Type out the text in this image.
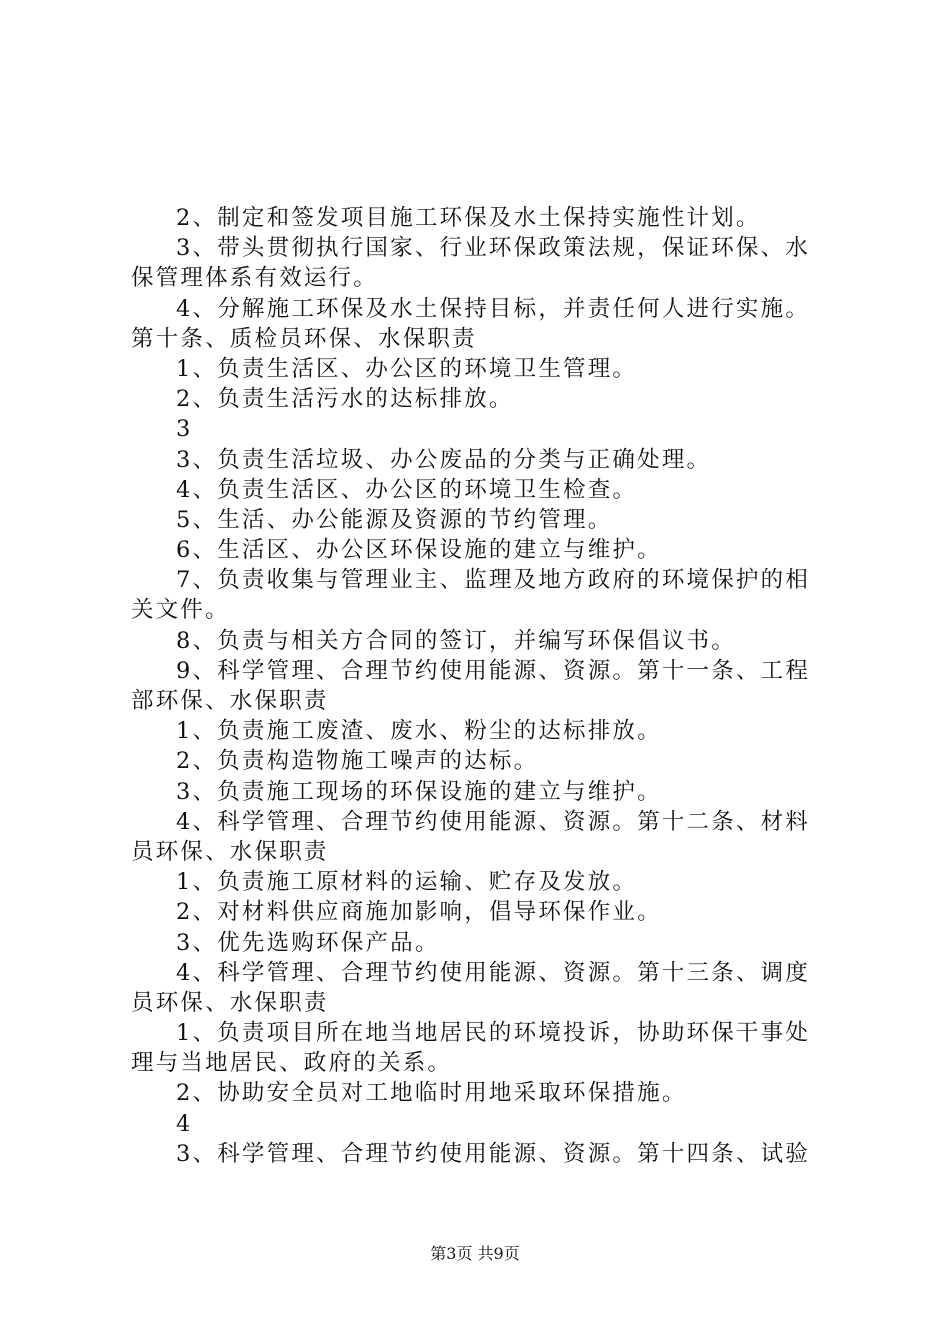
2、制定和签发项目施工环保及水土保持实施性计划。
3、带头贯彻执行国家、行业环保政策法规，保证环保、水
保管理体系有效运行。
4、分解施工环保及水土保持目标，并责任何人进行实施。
第十条、质检员环保、水保职责
1、负责生活区、办公区的环境卫生管理。
2、负责生活污水的达标排放。
3
3、负责生活垃圾、办公废品的分类与正确处理。
4、负责生活区、办公区的环境卫生检查。
5、生活、办公能源及资源的节约管理。
6、生活区、办公区环保设施的建立与维护。
7、负责收集与管理业主、监理及地方政府的环境保护的相
关文件。
8、负责与相关方合同的签订，并编写环保倡议书。
9、科学管理、合理节约使用能源、资源。第十一条、工程
部环保、水保职责
1、负责施工废渣、废水、粉尘的达标排放。
2、负责构造物施工噪声的达标。
3、负责施工现场的环保设施的建立与维护。
4、科学管理、合理节约使用能源、资源。第十二条、材料
员环保、水保职责
1、负责施工原材料的运输、贮存及发放。
2、对材料供应商施加影响，倡导环保作业。
3、优先选购环保产品。
4、科学管理、合理节约使用能源、资源。第十三条、调度
员环保、水保职责
1、负责项目所在地当地居民的环境投诉，协助环保干事处
理与当地居民、政府的关系。
2、协助安全员对工地临时用地采取环保措施。
4
3、科学管理、合理节约使用能源、资源。第十四条、试验
第3页 共9页
